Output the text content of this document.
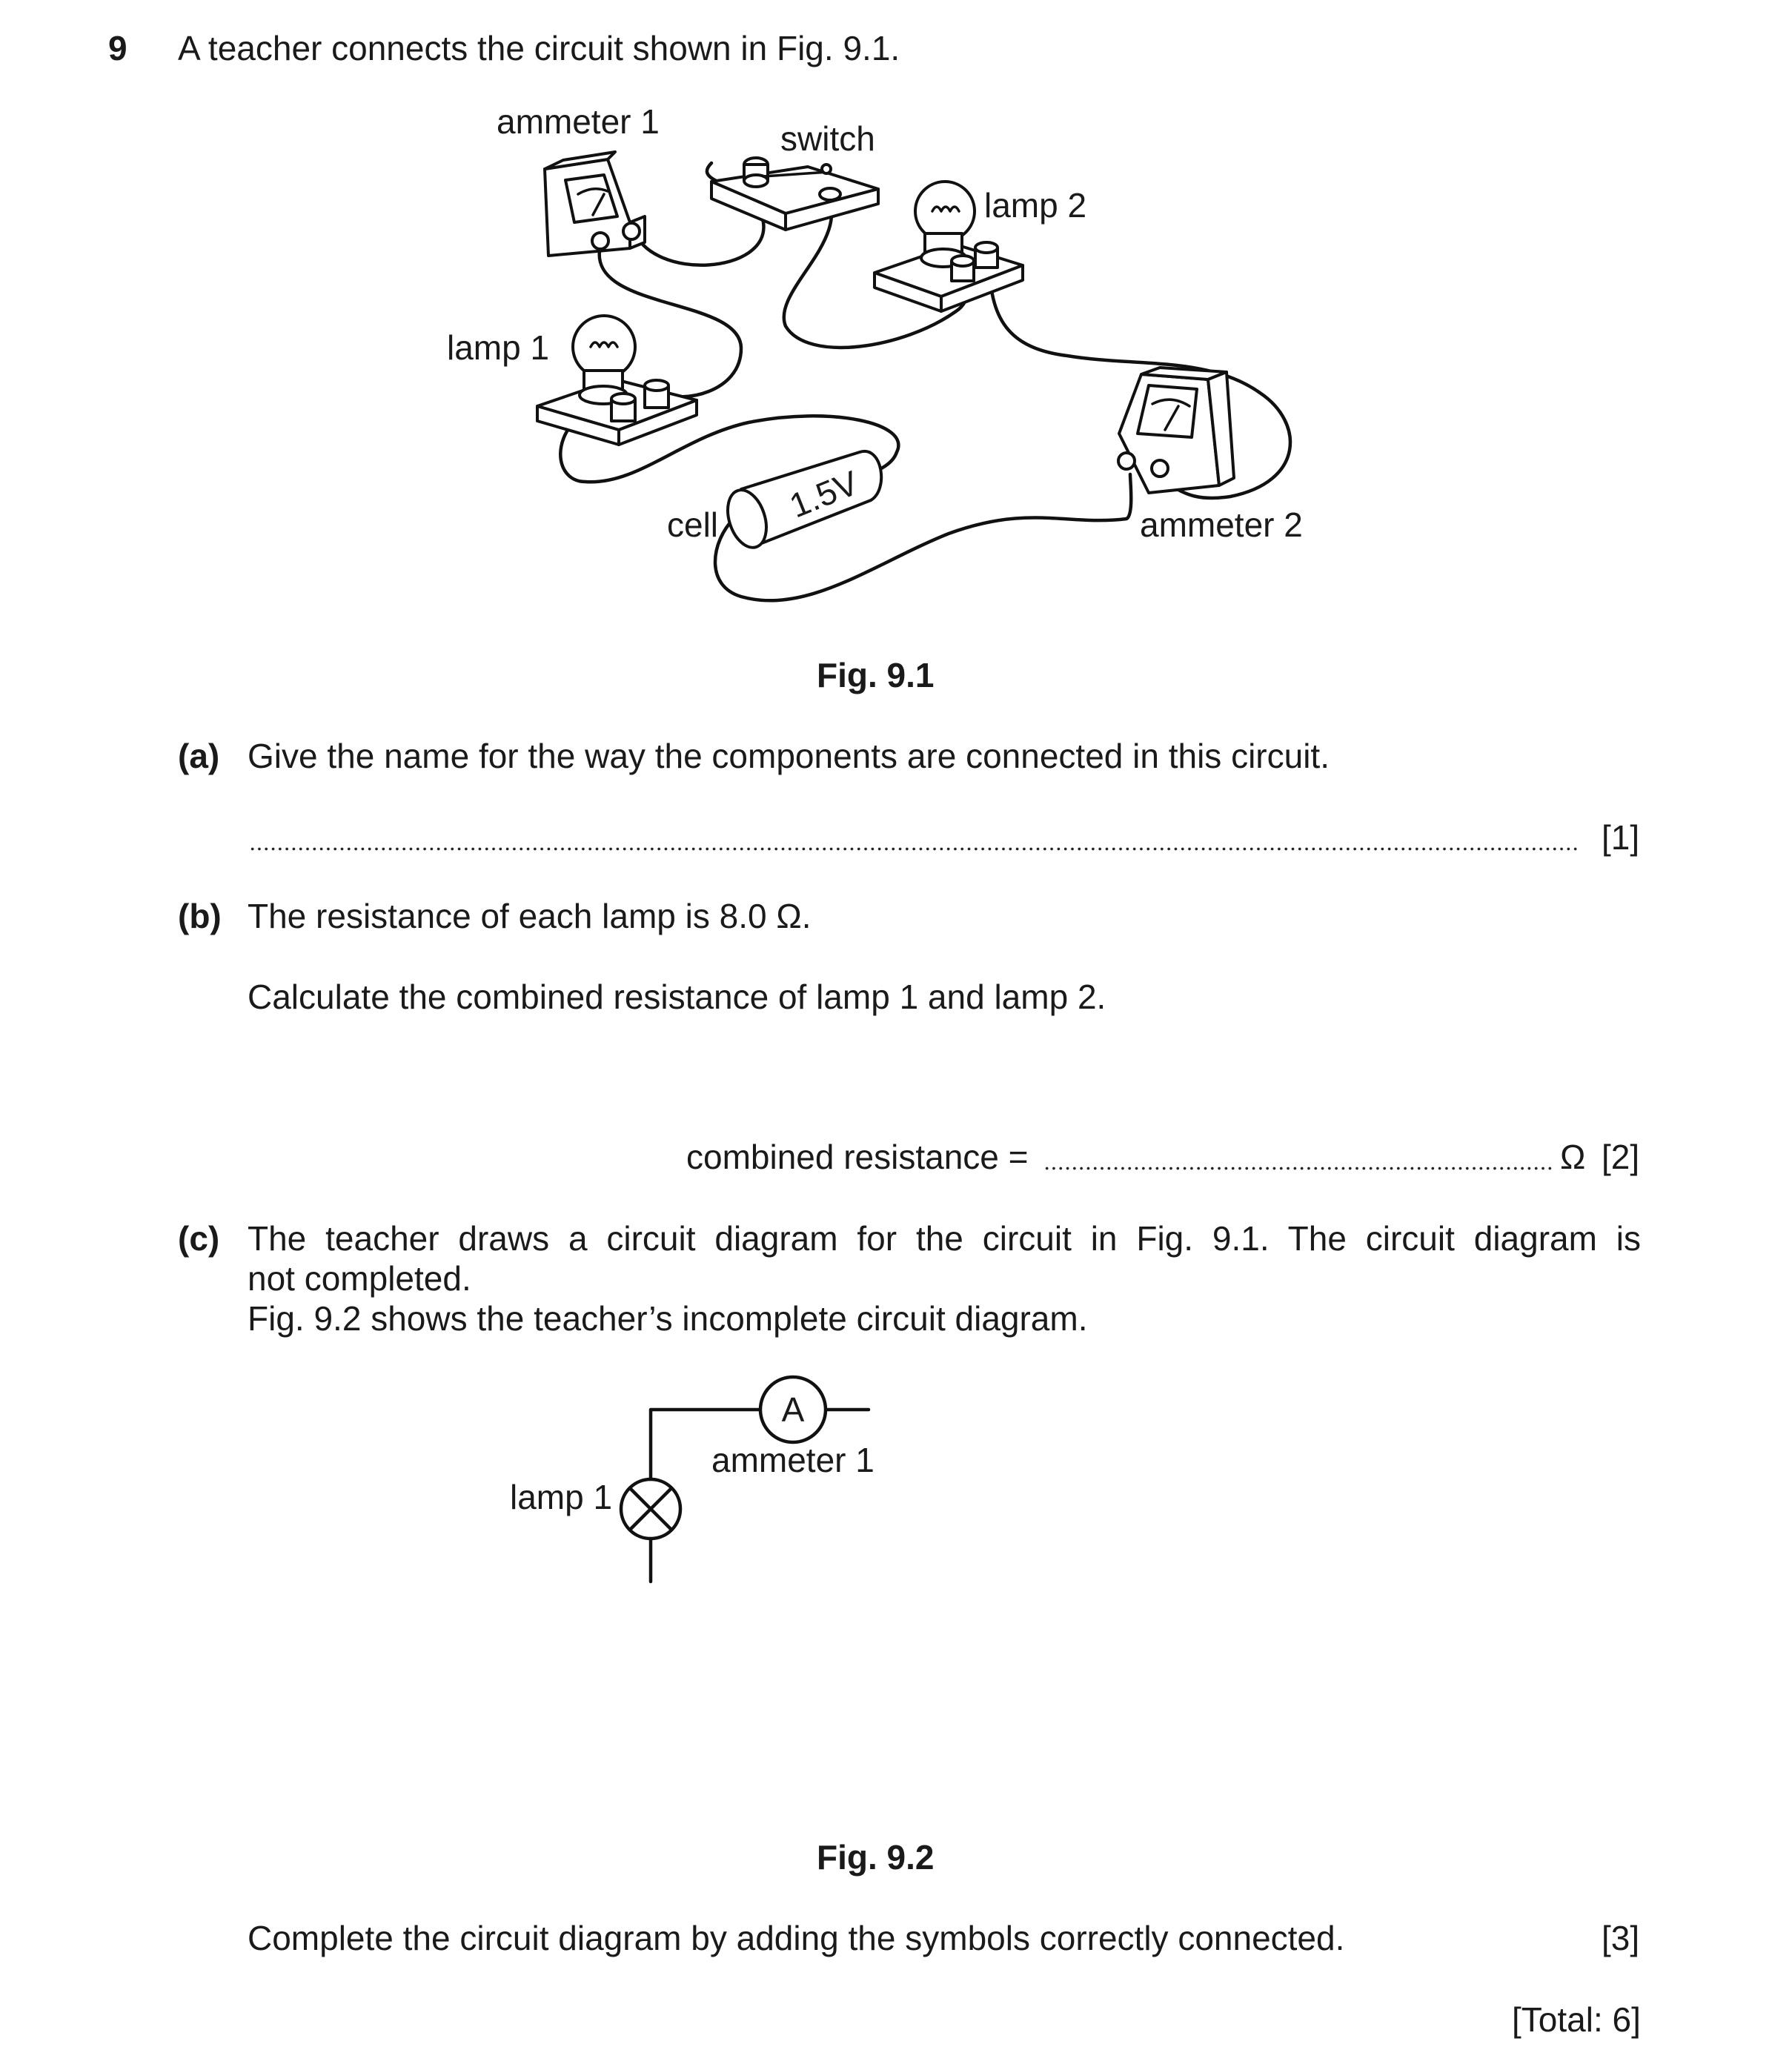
9 A teacher connects the circuit shown in Fig. 9.1.
1.5V
ammeter 1	switch
lamp 2
lamp 1
cell	ammeter 2
Fig. 9.1
(a) Give the name for the way the components are connected in this circuit.
[1]
(b) The resistance of each lamp is 8.0 Ω.
Calculate the combined resistance of lamp 1 and lamp 2.
combined resistance =	Ω [2]
(c) The teacher draws a circuit diagram for the circuit in Fig. 9.1. The circuit diagram is
not completed.
Fig. 9.2 shows the teacher’s incomplete circuit diagram.
A
ammeter 1
lamp 1
Fig. 9.2
Complete the circuit diagram by adding the symbols correctly connected.	[3]
[Total: 6]
